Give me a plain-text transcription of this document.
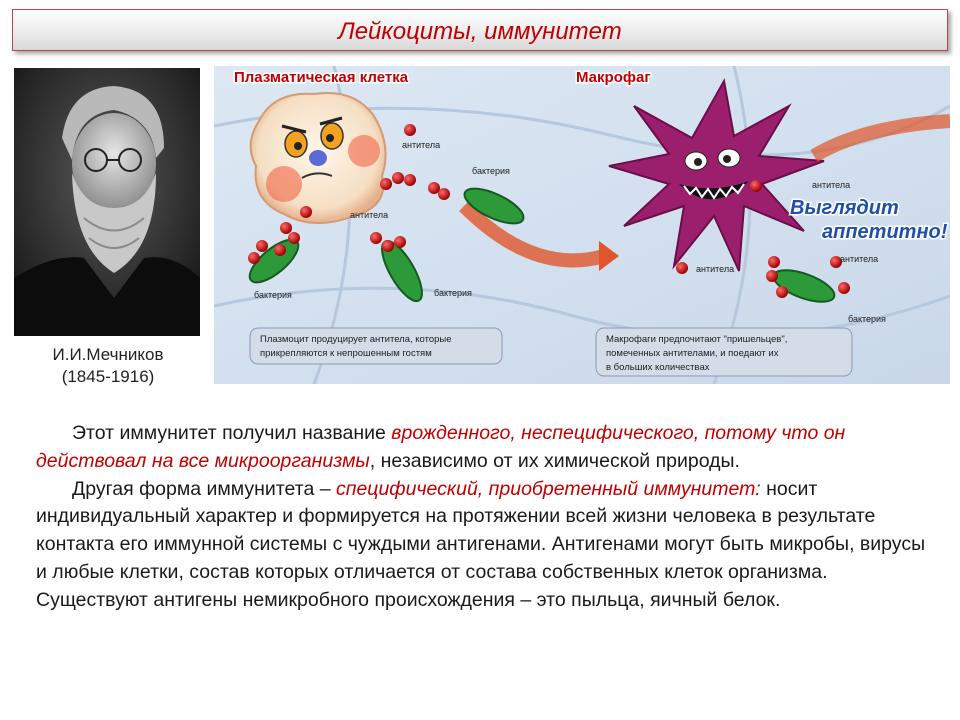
Лейкоциты, иммунитет
И.И.Мечников
(1845-1916)
Плазматическая клетка	Макрофаг
антитела
антитела
бактерия
бактерия	бактерия
антитела
антитела
антитела
бактерия
Выглядит
аппетитно!
Плазмоцит продуцирует антитела, которые
прикрепляются к непрошенным гостям
Макрофаги предпочитают "пришельцев",
помеченных антителами, и поедают их
в больших количествах

Этот иммунитет получил название врожденного, неспецифического, потому что он действовал на все микроорганизмы, независимо от их химической природы.

Другая форма иммунитета – специфический, приобретенный иммунитет: носит индивидуальный характер и формируется на протяжении всей жизни человека в результате контакта его иммунной системы с чуждыми антигенами. Антигенами могут быть микробы, вирусы и любые клетки, состав которых отличается от состава собственных клеток организма. Существуют антигены немикробного происхождения – это пыльца, яичный белок.
